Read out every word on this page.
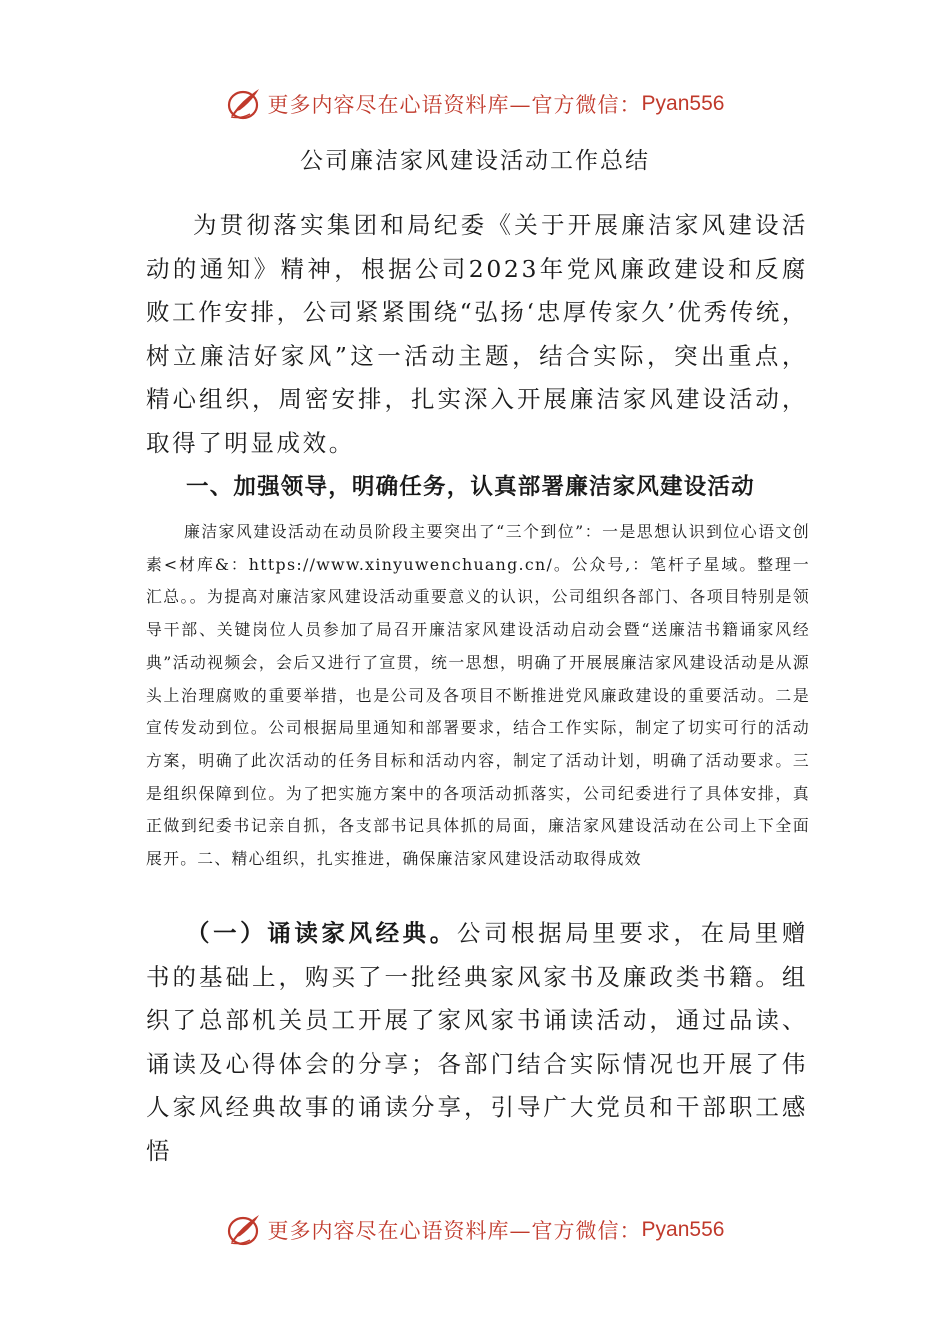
更多内容尽在心语资料库—官方微信： Pyan556
公司廉洁家风建设活动工作总结

为贯彻落实集团和局纪委《关于开展廉洁家风建设活动的通知》精神，根据公司2023年党风廉政建设和反腐败工作安排，公司紧紧围绕“弘扬‘忠厚传家久’优秀传统，树立廉洁好家风”这一活动主题，结合实际，突出重点，精心组织，周密安排，扎实深入开展廉洁家风建设活动，取得了明显成效。

一、加强领导，明确任务，认真部署廉洁家风建设活动

廉洁家风建设活动在动员阶段主要突出了“三个到位”：一是思想认识到位心语文创素<材库&：https://www.xinyuwenchuang.cn/。公众号,：笔杆子星域。整理一汇总。。为提高对廉洁家风建设活动重要意义的认识，公司组织各部门、各项目特别是领导干部、关键岗位人员参加了局召开廉洁家风建设活动启动会暨“送廉洁书籍诵家风经典”活动视频会，会后又进行了宣贯，统一思想，明确了开展展廉洁家风建设活动是从源头上治理腐败的重要举措，也是公司及各项目不断推进党风廉政建设的重要活动。二是宣传发动到位。公司根据局里通知和部署要求，结合工作实际，制定了切实可行的活动方案，明确了此次活动的任务目标和活动内容，制定了活动计划，明确了活动要求。三是组织保障到位。为了把实施方案中的各项活动抓落实，公司纪委进行了具体安排，真正做到纪委书记亲自抓，各支部书记具体抓的局面，廉洁家风建设活动在公司上下全面展开。二、精心组织，扎实推进，确保廉洁家风建设活动取得成效

（一）诵读家风经典。公司根据局里要求，在局里赠书的基础上，购买了一批经典家风家书及廉政类书籍。组织了总部机关员工开展了家风家书诵读活动，通过品读、诵读及心得体会的分享；各部门结合实际情况也开展了伟人家风经典故事的诵读分享，引导广大党员和干部职工感悟

更多内容尽在心语资料库—官方微信： Pyan556
